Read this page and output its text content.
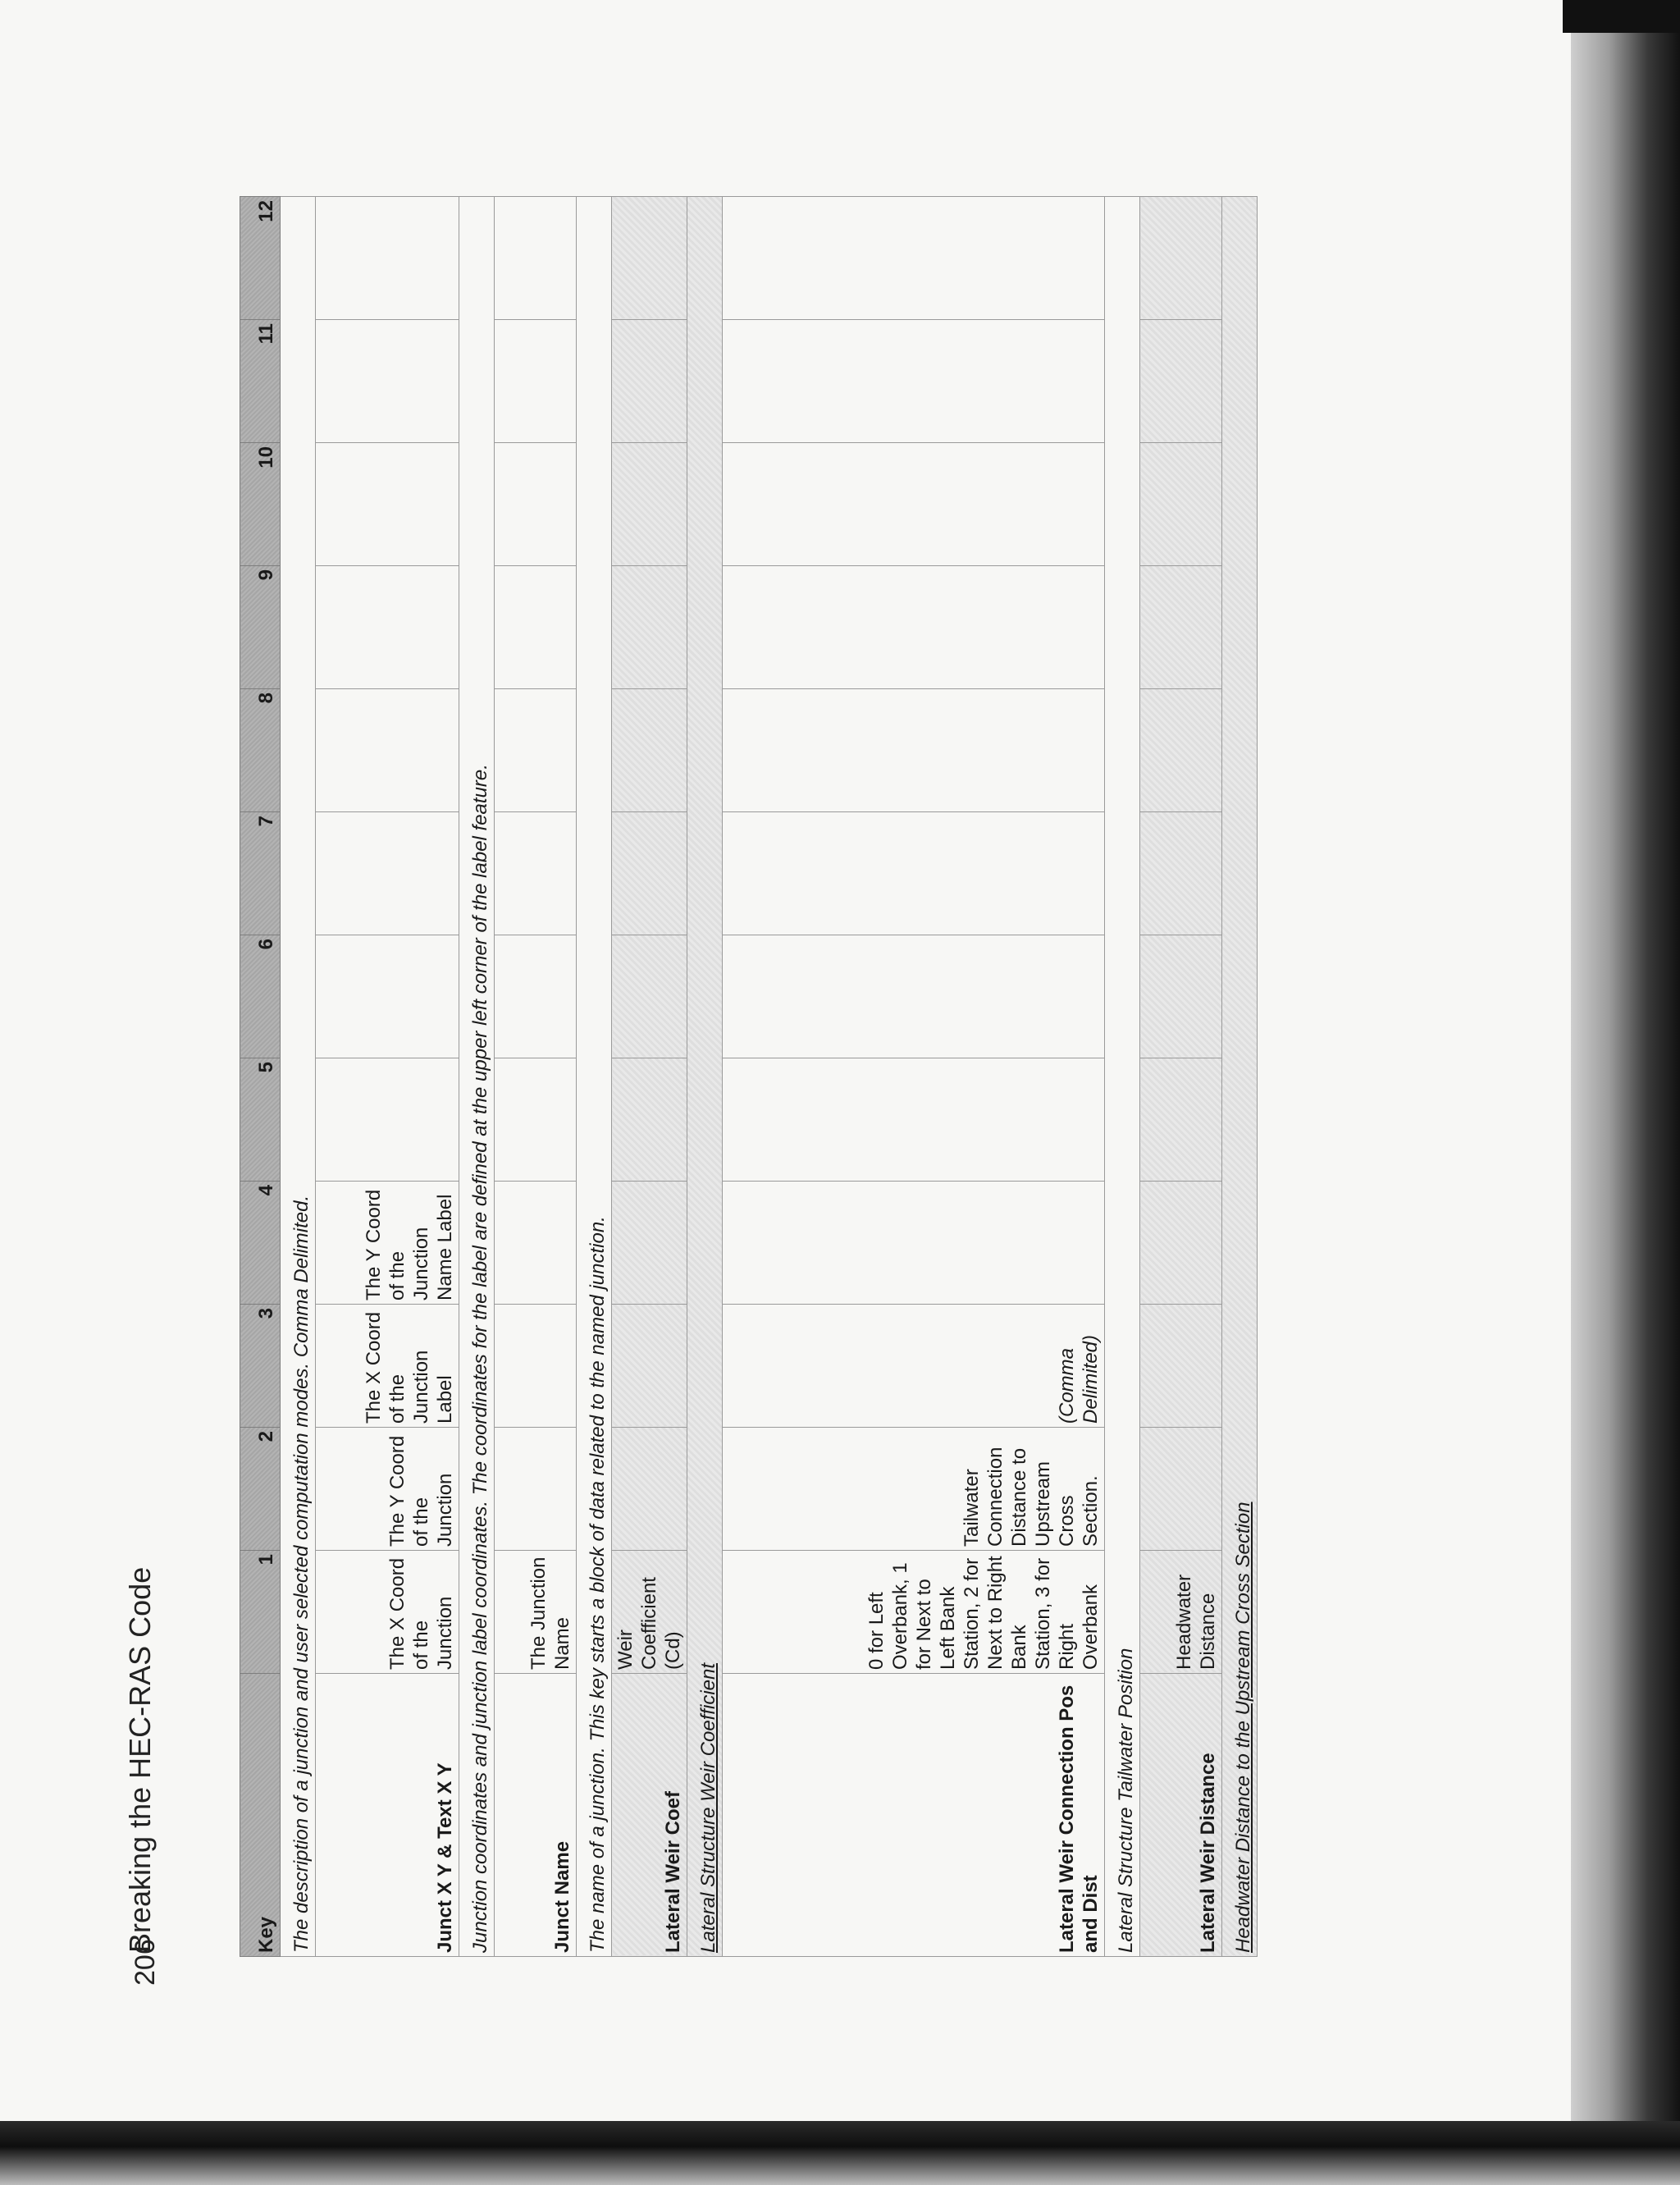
Breaking the HEC-RAS Code
206
Key	1	2	3	4	5	6	7	8	9	10	11	12
The description of a junction and user selected computation modes. Comma Delimited.												
Junct X Y & Text X Y	The X Coord of the Junction	The Y Coord of the Junction	The X Coord of the Junction Label	The Y Coord of the Junction Name Label								
Junction coordinates and junction label coordinates. The coordinates for the label are defined at the upper left corner of the label feature.												
Junct Name	The Junction Name											
The name of a junction. This key starts a block of data related to the named junction.												
Lateral Weir Coef	Weir Coefficient (Cd)											
Lateral Structure Weir Coefficient												
Lateral Weir Connection Pos and Dist	0 for Left Overbank, 1 for Next to Left Bank Station, 2 for Next to Right Bank Station, 3 for Right Overbank	Tailwater Connection Distance to Upstream Cross Section.	(Comma Delimited)									
Lateral Structure Tailwater Position												
Lateral Weir Distance	Headwater Distance											
Headwater Distance to the Upstream Cross Section												
